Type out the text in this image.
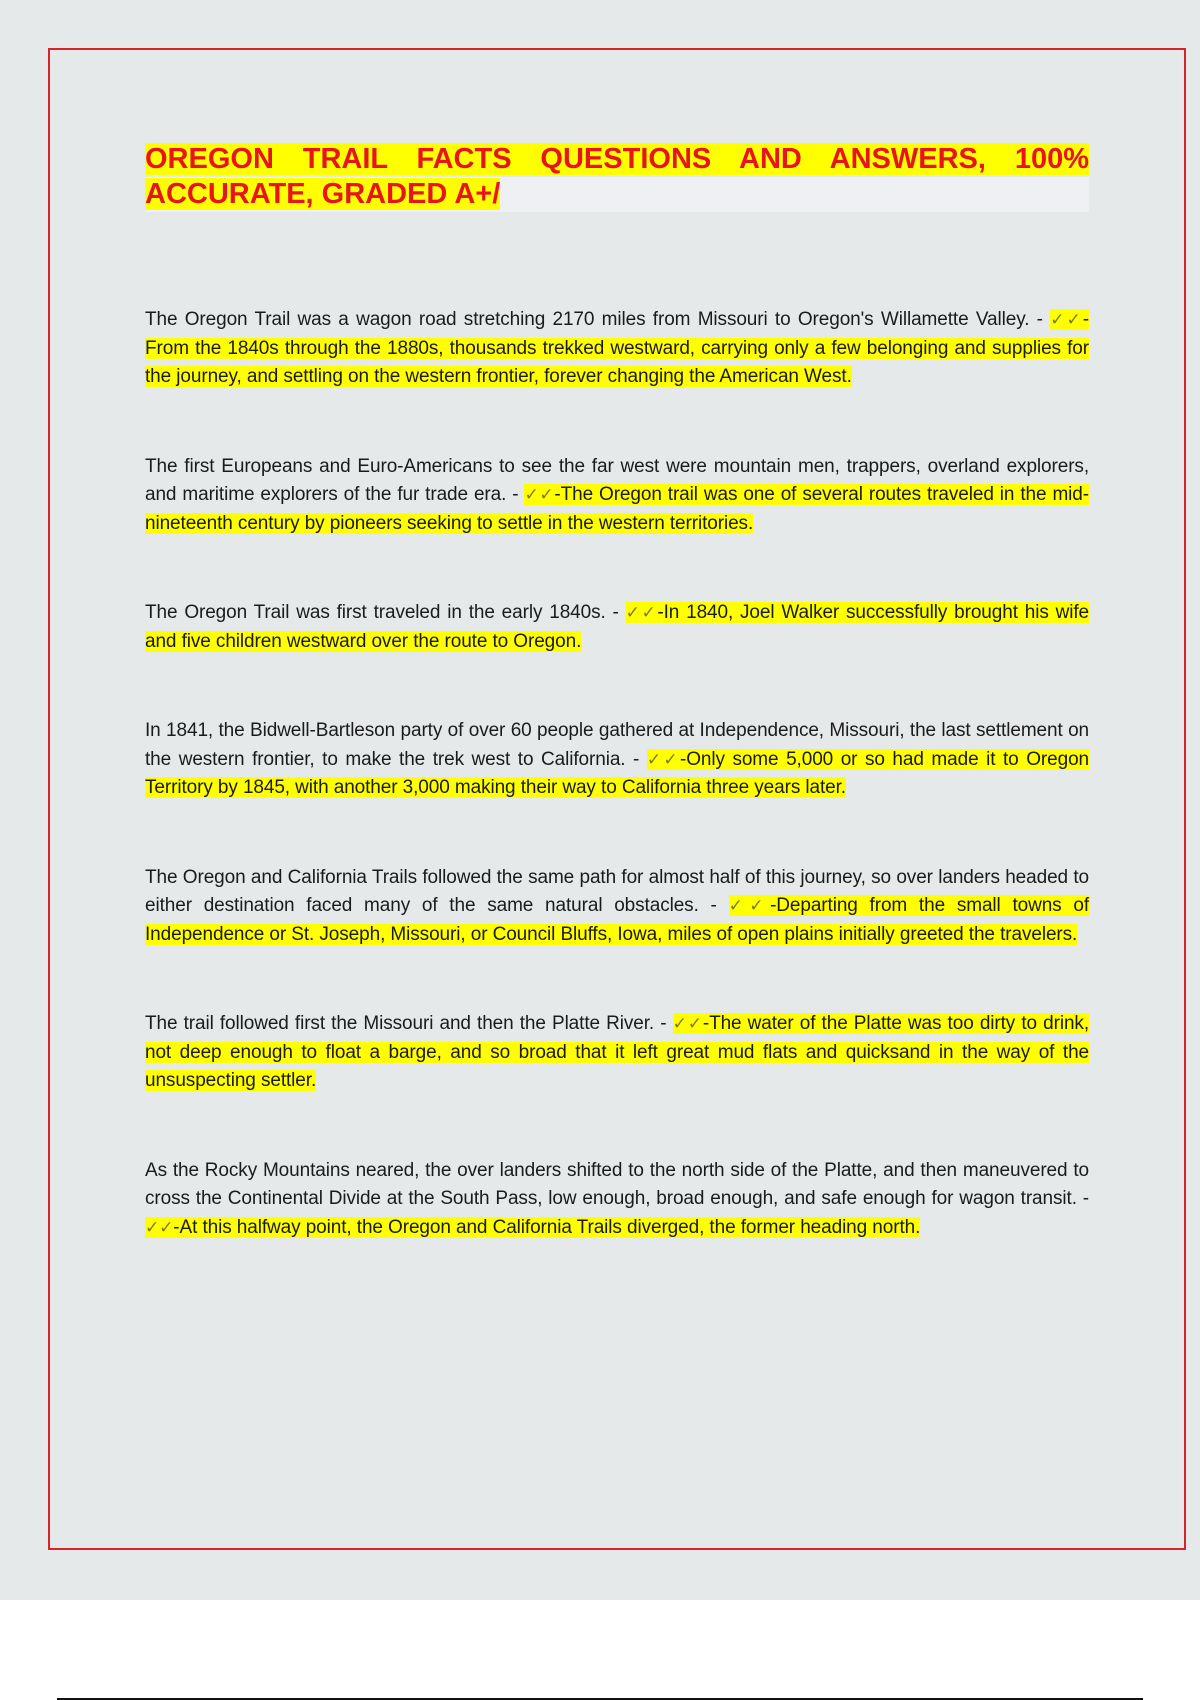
OREGON TRAIL FACTS QUESTIONS AND ANSWERS, 100% ACCURATE, GRADED A+/

The Oregon Trail was a wagon road stretching 2170 miles from Missouri to Oregon's Willamette Valley. - ✓✓-From the 1840s through the 1880s, thousands trekked westward, carrying only a few belonging and supplies for the journey, and settling on the western frontier, forever changing the American West.

The first Europeans and Euro-Americans to see the far west were mountain men, trappers, overland explorers, and maritime explorers of the fur trade era. - ✓✓-The Oregon trail was one of several routes traveled in the mid-nineteenth century by pioneers seeking to settle in the western territories.

The Oregon Trail was first traveled in the early 1840s. - ✓✓-In 1840, Joel Walker successfully brought his wife and five children westward over the route to Oregon.

In 1841, the Bidwell-Bartleson party of over 60 people gathered at Independence, Missouri, the last settlement on the western frontier, to make the trek west to California. - ✓✓-Only some 5,000 or so had made it to Oregon Territory by 1845, with another 3,000 making their way to California three years later.

The Oregon and California Trails followed the same path for almost half of this journey, so over landers headed to either destination faced many of the same natural obstacles. - ✓✓-Departing from the small towns of Independence or St. Joseph, Missouri, or Council Bluffs, Iowa, miles of open plains initially greeted the travelers.

The trail followed first the Missouri and then the Platte River. - ✓✓-The water of the Platte was too dirty to drink, not deep enough to float a barge, and so broad that it left great mud flats and quicksand in the way of the unsuspecting settler.

As the Rocky Mountains neared, the over landers shifted to the north side of the Platte, and then maneuvered to cross the Continental Divide at the South Pass, low enough, broad enough, and safe enough for wagon transit. - ✓✓-At this halfway point, the Oregon and California Trails diverged, the former heading north.
